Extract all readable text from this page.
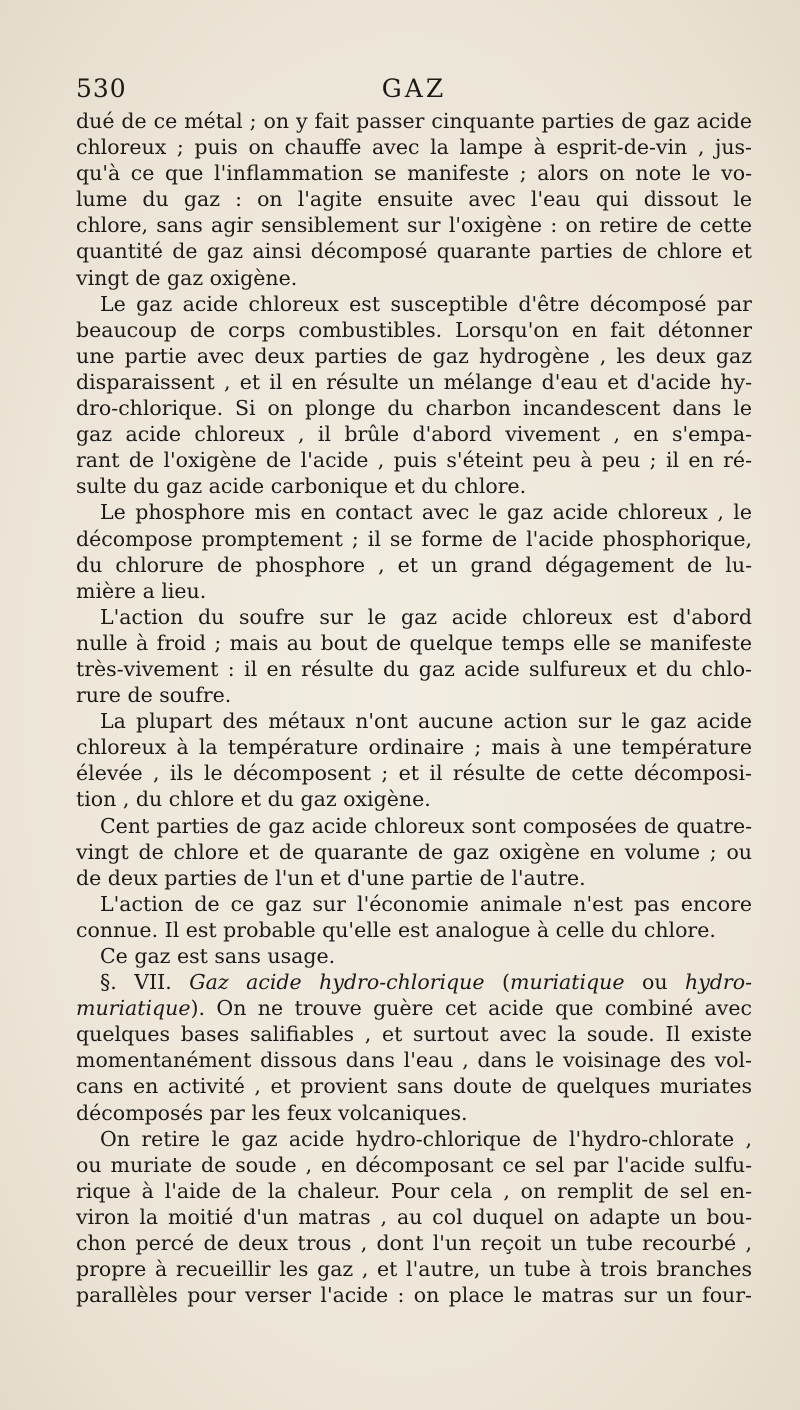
530	GAZ
dué de ce métal ; on y fait passer cinquante parties de gaz acide
chloreux ; puis on chauffe avec la lampe à esprit-de-vin , jus-
qu'à ce que l'inflammation se manifeste ; alors on note le vo-
lume du gaz : on l'agite ensuite avec l'eau qui dissout le
chlore, sans agir sensiblement sur l'oxigène : on retire de cette
quantité de gaz ainsi décomposé quarante parties de chlore et
vingt de gaz oxigène.
Le gaz acide chloreux est susceptible d'être décomposé par
beaucoup de corps combustibles. Lorsqu'on en fait détonner
une partie avec deux parties de gaz hydrogène , les deux gaz
disparaissent , et il en résulte un mélange d'eau et d'acide hy-
dro-chlorique. Si on plonge du charbon incandescent dans le
gaz acide chloreux , il brûle d'abord vivement , en s'empa-
rant de l'oxigène de l'acide , puis s'éteint peu à peu ; il en ré-
sulte du gaz acide carbonique et du chlore.
Le phosphore mis en contact avec le gaz acide chloreux , le
décompose promptement ; il se forme de l'acide phosphorique,
du chlorure de phosphore , et un grand dégagement de lu-
mière a lieu.
L'action du soufre sur le gaz acide chloreux est d'abord
nulle à froid ; mais au bout de quelque temps elle se manifeste
très-vivement : il en résulte du gaz acide sulfureux et du chlo-
rure de soufre.
La plupart des métaux n'ont aucune action sur le gaz acide
chloreux à la température ordinaire ; mais à une température
élevée , ils le décomposent ; et il résulte de cette décomposi-
tion , du chlore et du gaz oxigène.
Cent parties de gaz acide chloreux sont composées de quatre-
vingt de chlore et de quarante de gaz oxigène en volume ; ou
de deux parties de l'un et d'une partie de l'autre.
L'action de ce gaz sur l'économie animale n'est pas encore
connue. Il est probable qu'elle est analogue à celle du chlore.
Ce gaz est sans usage.
§. VII. Gaz acide hydro-chlorique (muriatique ou hydro-
muriatique). On ne trouve guère cet acide que combiné avec
quelques bases salifiables , et surtout avec la soude. Il existe
momentanément dissous dans l'eau , dans le voisinage des vol-
cans en activité , et provient sans doute de quelques muriates
décomposés par les feux volcaniques.
On retire le gaz acide hydro-chlorique de l'hydro-chlorate ,
ou muriate de soude , en décomposant ce sel par l'acide sulfu-
rique à l'aide de la chaleur. Pour cela , on remplit de sel en-
viron la moitié d'un matras , au col duquel on adapte un bou-
chon percé de deux trous , dont l'un reçoit un tube recourbé ,
propre à recueillir les gaz , et l'autre, un tube à trois branches
parallèles pour verser l'acide : on place le matras sur un four-
